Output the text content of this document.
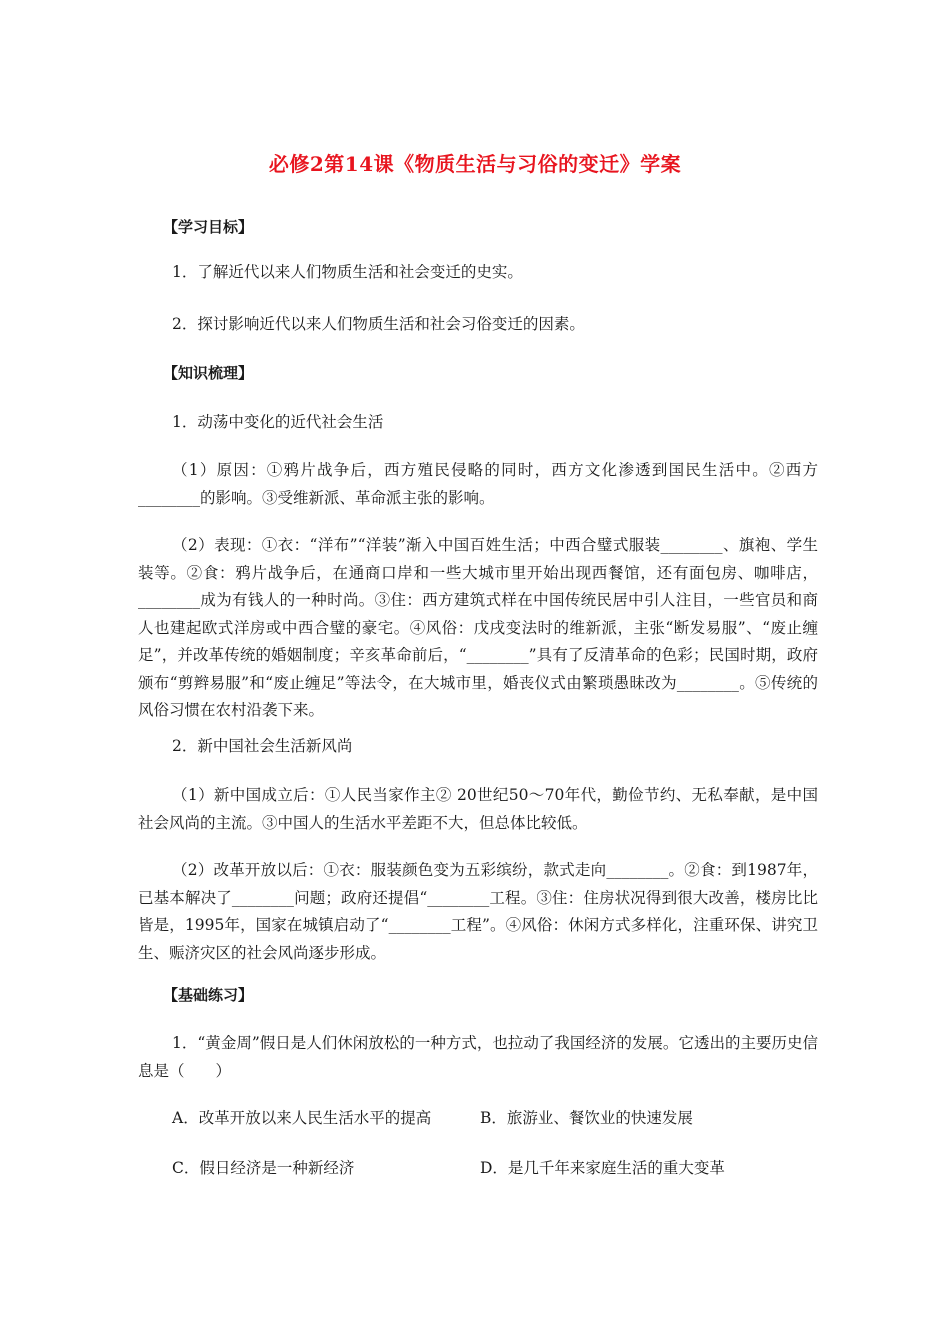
必修2第14课《物质生活与习俗的变迁》学案
【学习目标】
1．了解近代以来人们物质生活和社会变迁的史实。
2．探讨影响近代以来人们物质生活和社会习俗变迁的因素。
【知识梳理】
1．动荡中变化的近代社会生活
（1）原因：①鸦片战争后，西方殖民侵略的同时，西方文化渗透到国民生活中。②西方________的影响。③受维新派、革命派主张的影响。
（2）表现：①衣：“洋布”“洋装”渐入中国百姓生活；中西合璧式服装________、旗袍、学生装等。②食：鸦片战争后，在通商口岸和一些大城市里开始出现西餐馆，还有面包房、咖啡店，________成为有钱人的一种时尚。③住：西方建筑式样在中国传统民居中引人注目，一些官员和商人也建起欧式洋房或中西合璧的豪宅。④风俗：戊戌变法时的维新派，主张“断发易服”、“废止缠足”，并改革传统的婚姻制度；辛亥革命前后，“________”具有了反清革命的色彩；民国时期，政府颁布“剪辫易服”和“废止缠足”等法令，在大城市里，婚丧仪式由繁琐愚昧改为________。⑤传统的风俗习惯在农村沿袭下来。
2．新中国社会生活新风尚
（1）新中国成立后：①人民当家作主② 20世纪50～70年代，勤俭节约、无私奉献，是中国社会风尚的主流。③中国人的生活水平差距不大，但总体比较低。
（2）改革开放以后：①衣：服装颜色变为五彩缤纷，款式走向________。②食：到1987年，已基本解决了________问题；政府还提倡“________工程。③住：住房状况得到很大改善，楼房比比皆是，1995年，国家在城镇启动了“________工程”。④风俗：休闲方式多样化，注重环保、讲究卫生、赈济灾区的社会风尚逐步形成。
【基础练习】
1．“黄金周”假日是人们休闲放松的一种方式，也拉动了我国经济的发展。它透出的主要历史信息是（　　）
A．改革开放以来人民生活水平的提高	B．旅游业、餐饮业的快速发展
C．假日经济是一种新经济	D．是几千年来家庭生活的重大变革
